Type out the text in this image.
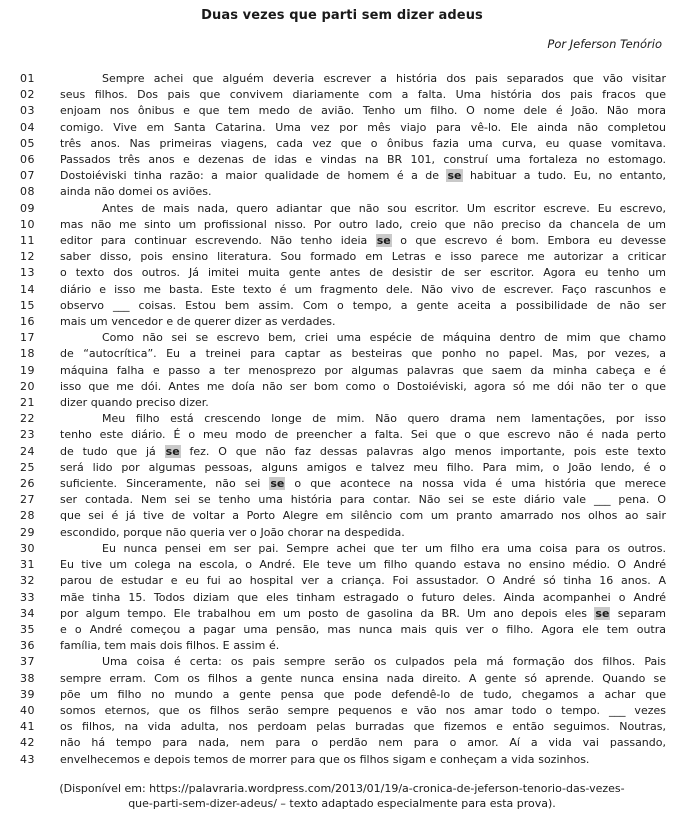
Duas vezes que parti sem dizer adeus
Por Jeferson Tenório
01	Sempre achei que alguém deveria escrever a história dos pais separados que vão visitar
02	seus filhos. Dos pais que convivem diariamente com a falta. Uma história dos pais fracos que
03	enjoam nos ônibus e que tem medo de avião. Tenho um filho. O nome dele é João. Não mora
04	comigo. Vive em Santa Catarina. Uma vez por mês viajo para vê-lo. Ele ainda não completou
05	três anos. Nas primeiras viagens, cada vez que o ônibus fazia uma curva, eu quase vomitava.
06	Passados três anos e dezenas de idas e vindas na BR 101, construí uma fortaleza no estomago.
07	Dostoiéviski tinha razão: a maior qualidade de homem é a de se habituar a tudo. Eu, no entanto,
08	ainda não domei os aviões.
09	Antes de mais nada, quero adiantar que não sou escritor. Um escritor escreve. Eu escrevo,
10	mas não me sinto um profissional nisso. Por outro lado, creio que não preciso da chancela de um
11	editor para continuar escrevendo. Não tenho ideia se o que escrevo é bom. Embora eu devesse
12	saber disso, pois ensino literatura. Sou formado em Letras e isso parece me autorizar a criticar
13	o texto dos outros. Já imitei muita gente antes de desistir de ser escritor. Agora eu tenho um
14	diário e isso me basta. Este texto é um fragmento dele. Não vivo de escrever. Faço rascunhos e
15	observo ___ coisas. Estou bem assim. Com o tempo, a gente aceita a possibilidade de não ser
16	mais um vencedor e de querer dizer as verdades.
17	Como não sei se escrevo bem, criei uma espécie de máquina dentro de mim que chamo
18	de “autocrítica”. Eu a treinei para captar as besteiras que ponho no papel. Mas, por vezes, a
19	máquina falha e passo a ter menosprezo por algumas palavras que saem da minha cabeça e é
20	isso que me dói. Antes me doía não ser bom como o Dostoiéviski, agora só me dói não ter o que
21	dizer quando preciso dizer.
22	Meu filho está crescendo longe de mim. Não quero drama nem lamentações, por isso
23	tenho este diário. É o meu modo de preencher a falta. Sei que o que escrevo não é nada perto
24	de tudo que já se fez. O que não faz dessas palavras algo menos importante, pois este texto
25	será lido por algumas pessoas, alguns amigos e talvez meu filho. Para mim, o João lendo, é o
26	suficiente. Sinceramente, não sei se o que acontece na nossa vida é uma história que merece
27	ser contada. Nem sei se tenho uma história para contar. Não sei se este diário vale ___ pena. O
28	que sei é já tive de voltar a Porto Alegre em silêncio com um pranto amarrado nos olhos ao sair
29	escondido, porque não queria ver o João chorar na despedida.
30	Eu nunca pensei em ser pai. Sempre achei que ter um filho era uma coisa para os outros.
31	Eu tive um colega na escola, o André. Ele teve um filho quando estava no ensino médio. O André
32	parou de estudar e eu fui ao hospital ver a criança. Foi assustador. O André só tinha 16 anos. A
33	mãe tinha 15. Todos diziam que eles tinham estragado o futuro deles. Ainda acompanhei o André
34	por algum tempo. Ele trabalhou em um posto de gasolina da BR. Um ano depois eles se separam
35	e o André começou a pagar uma pensão, mas nunca mais quis ver o filho. Agora ele tem outra
36	família, tem mais dois filhos. E assim é.
37	Uma coisa é certa: os pais sempre serão os culpados pela má formação dos filhos. Pais
38	sempre erram. Com os filhos a gente nunca ensina nada direito. A gente só aprende. Quando se
39	põe um filho no mundo a gente pensa que pode defendê-lo de tudo, chegamos a achar que
40	somos eternos, que os filhos serão sempre pequenos e vão nos amar todo o tempo. ___ vezes
41	os filhos, na vida adulta, nos perdoam pelas burradas que fizemos e então seguimos. Noutras,
42	não há tempo para nada, nem para o perdão nem para o amor. Aí a vida vai passando,
43	envelhecemos e depois temos de morrer para que os filhos sigam e conheçam a vida sozinhos.
(Disponível em: https://palavraria.wordpress.com/2013/01/19/a-cronica-de-jeferson-tenorio-das-vezes-
que-parti-sem-dizer-adeus/ – texto adaptado especialmente para esta prova).
